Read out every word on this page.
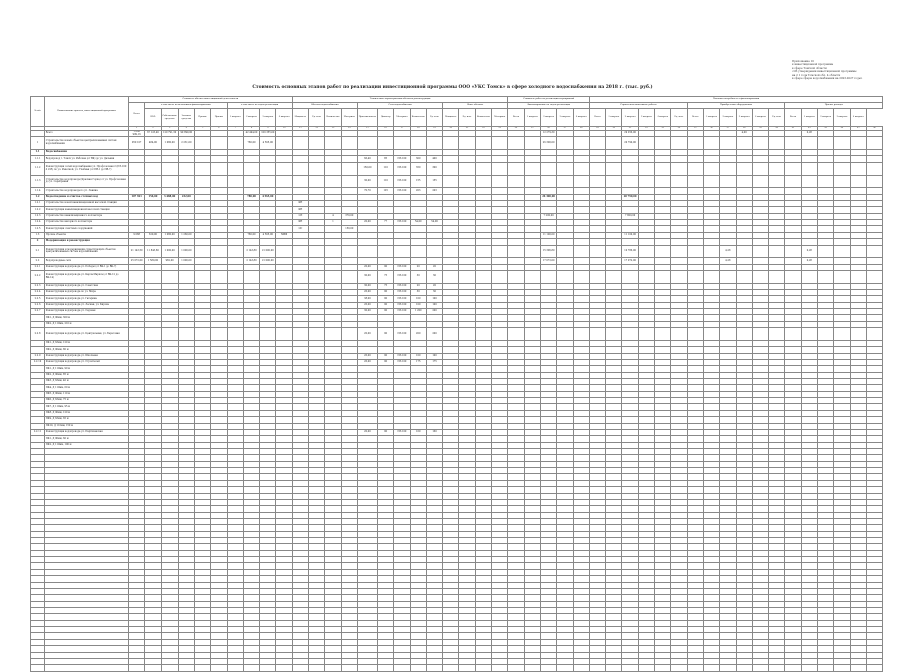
Приложение 10
к инвестиционной программе
в сфере Томской области
«Об утверждении инвестиционной программы
на 2 1 года Томской обл. 4 области
в сфере сферы водоснабжения на 2023-2027 годы»
Стоимость основных этапов работ по реализации инвестиционной программы ООО «УКС Томск» в сфере холодного водоснабжения на 2018 г. (тыс. руб.)
№ п/п	Наименование проекта, инвестиционной программы	Стоимость объекта инвестиционной деятельности										Технические характеристики объектов реконструкции													Стоимость работ по реализации мероприятий					Плановая потребность в финансировании																	
		Всего	в том числе по источникам финансирования					в том числе по годам реализации				Объекты водоснабжения				Сети водоснабжения					Иные объекты				Финансирование по годам реализации					Строительно-монтажные работы						Приобретение оборудования						Прочие расходы					
			ВБФ	Собственные средства	Заемные средства	Прочие	Прочие	1 квартал	2 квартал	3 квартал	4 квартал	Мощность	Ед. изм.	Количество	Материал	Протяженность	Диаметр	Материал	Количество	Ед. изм.	Мощность	Ед. изм.	Количество	Материал	Всего	1 квартал	2 квартал	3 квартал	4 квартал	Всего	1 квартал	2 квартал	3 квартал	4 квартал	Ед. изм.	Всего	1 квартал	2 квартал	3 квартал	4 квартал	Ед. изм.	Всего	1 квартал	2 квартал	3 квартал	4 квартал	

		1	2	3	4	5	6	7	8	9	10	11	12	13	14	15	16	17	18	19	20	21	22	23	24	25	26	27	28	29	30	31	32	33	34	35	36	37	38	39	40	41	42	43	44	45	46
	Всего	1 066 999,16	67 123,46	120 791,30	90 899,00				42 494,00	109 355,00																	12 279,30					29 256,00							4,00				0,28				
1	Строительство новых объектов централизованных систем водоснабжения	950 107	484,00	1 080,00	2 231,00				780,00	4 565,00																	26 300,00					20 790,00															
1.1	Водоснабжение																																														
1.1.1	Водопровод г. Томск ул. Рабочая (от ВК) до ул. Дальняя															66,40	85	ПЭ-100	300	400																											
1.1.2	Реконструкция сетей водоснабжения ул. Профсоюзная 2 (ПЭ-100 d 225) по ул. Ракетной, ул. Учебная (от ПВ-1 до ПВ-7)															150,00	110	ПЭ-100	350	300																											
1.1.3	Строительство водопровода (Красная Горка) от ул. Профсоюзная до ул. Серебряная															30,00	110	ПЭ-100	155	155																											
1.1.4	Строительство водопровода по ул. Ленина															70,70	125	ПЭ-100	203	203																											
1.2	Водоотведение и очистка сточных вод	107 921	156,00	3 488,00	232,00				780,00	4 565,00																	26 300,00					20 790,00															
1.2.1	Строительство новой канализационной насосной станции											КН																																			
1.2.2	Реконструкция канализационной насосной станции											КН																																			
1.2.3	Строительство канализационного коллектора											ОЭ		4	370,00												7 200,00					7 800,00															
1.2.4	Строительство напорного коллектора											КН		1		20,00	77	ПЭ-100	54,00	54,00																											
1.2.5	Реконструкция очистных сооружений											ОС			150,00																																
1.3	Прочие объекты	9 088	320,00	1 080,00	1 260,00				780,00	4 565,00	МБФ																11 100,00					11 100,00															
2	Модернизация и реконструкция																																														
2.1	Реконструкция и модернизация существующих объектов централизованных систем водоснабжения	21 143,50	11 843,80	1 000,00	1 000,00				2 143,80	21 000,00																	15 396,80					10 786,00						4,28					0,28				
2.2	Водопроводные сети	25 072,00	1 580,00	982,00	1 000,00				2 143,80	21 000,00																	17 072,00					17 072,00						4,28					0,28				
2.2.1	Реконструкция водопровода ул. Победы (от ВК-1 до ВК-7)															20,00	90	ПЭ-100	20	20																											
2.2.2	Реконструкция водопровода ул. Карла Маркса (от ВК-12 до ВК-14)															30,00	75	ПЭ-100	30	30																											
2.2.3	Реконструкция водопровода ул. Советская															30,00	75	ПЭ-100	20	20																											
2.2.4	Реконструкция водопровода по ул. Мира															26,00	90	ПЭ-100	30	30																											
2.2.5	Реконструкция водопровода ул. Гагарина															38,00	90	ПЭ-100	100	100																											
2.2.6	Реконструкция водопровода ул. Лесная, ул. Кирова															26,00	90	ПЭ-100	100	100																											
2.2.7	Реконструкция водопровода ул. Садовая															30,00	90	ПЭ-100	1 200	200																											
	ПК1, Д 90мм, 300 м																																														
	ПК2, Д 110мм, 210 м																																														
2.2.8	Реконструкция водопровода ул. Центральная, ул. Береговая															20,00	90	ПЭ-100	200	200																											
	ПК1, Д 63мм, 120 м																																														
	ПК2, Д 90мм, 80 м																																														
2.2.9	Реконструкция водопровода ул. Школьная															26,00	90	ПЭ-100	100	100																											
2.2.10	Реконструкция водопровода ул. Строителей															26,00	90	ПЭ-100	175	175																											
	ПК1, Д 110мм, 90 м																																														
	ПК2, Д 90мм, 85 м																																														
	ПК3, Д 63мм, 40 м																																														
	ПК4, Д 110мм, 60 м																																														
	ПК5, Д 90мм, 110 м																																														
	ПК6, Д 63мм, 75 м																																														
	ПК7, Д 110мм, 95 м																																														
	ПК8, Д 90мм, 120 м																																														
	ПК9, Д 63мм, 65 м																																														
	ПК10, Д 110мм, 150 м																																														
2.2.11	Реконструкция водопровода ул. Партизанская															20,00	90	ПЭ-100	160	160																											
	ПК1, Д 90мм, 60 м																																														
	ПК2, Д 110мм, 100 м																																														
